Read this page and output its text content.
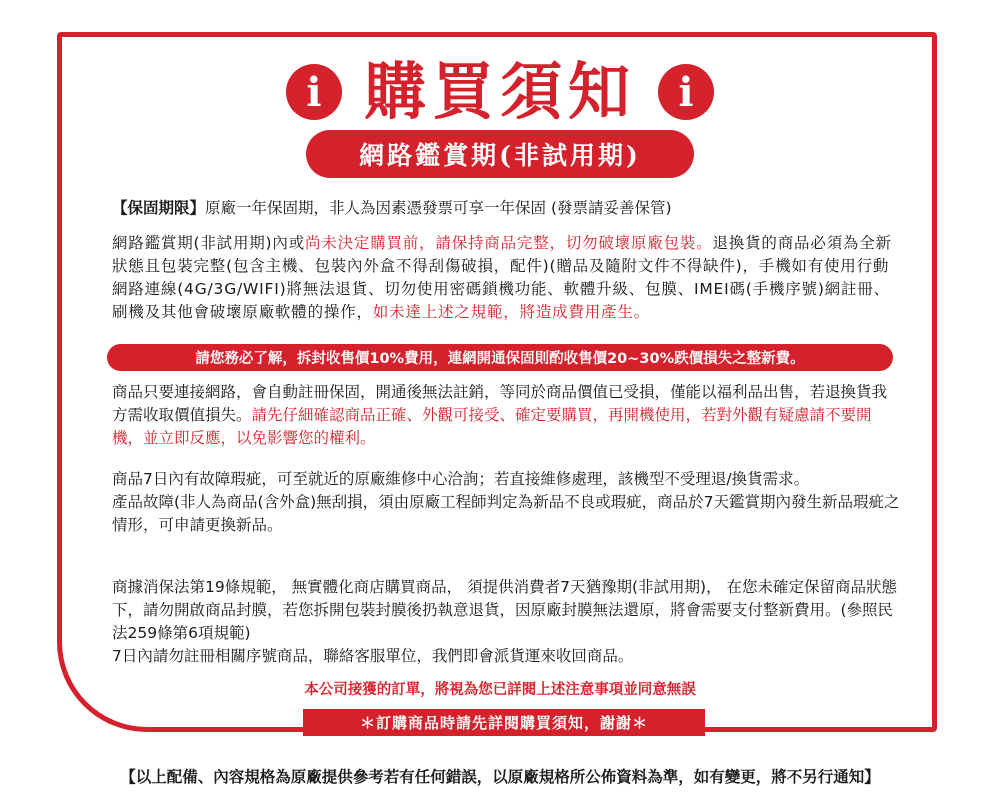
i 購買須知 i
網路鑑賞期(非試用期)
【保固期限】原廠一年保固期，非人為因素憑發票可享一年保固 (發票請妥善保管)
網路鑑賞期(非試用期)內或尚未決定購買前，請保持商品完整，切勿破壞原廠包裝。退換貨的商品必須為全新狀態且包裝完整(包含主機、包裝內外盒不得刮傷破損，配件)(贈品及隨附文件不得缺件)，手機如有使用行動網路連線(4G/3G/WIFI)將無法退貨、切勿使用密碼鎖機功能、軟體升級、包膜、IMEI碼(手機序號)網註冊、刷機及其他會破壞原廠軟體的操作，如未達上述之規範，將造成費用產生。
請您務必了解，拆封收售價10%費用，連網開通保固則酌收售價20~30%跌價損失之整新費。
商品只要連接網路，會自動註冊保固，開通後無法註銷，等同於商品價值已受損，僅能以福利品出售，若退換貨我方需收取價值損失。請先仔細確認商品正確、外觀可接受、確定要購買，再開機使用，若對外觀有疑慮請不要開機，並立即反應，以免影響您的權利。
商品7日內有故障瑕疵，可至就近的原廠維修中心洽詢；若直接維修處理，該機型不受理退/換貨需求。
產品故障(非人為商品(含外盒)無刮損，須由原廠工程師判定為新品不良或瑕疵，商品於7天鑑賞期內發生新品瑕疵之情形，可申請更換新品。
商據消保法第19條規範， 無實體化商店購買商品， 須提供消費者7天猶豫期(非試用期)， 在您未確定保留商品狀態下，請勿開啟商品封膜，若您拆開包裝封膜後扔執意退貨，因原廠封膜無法還原，將會需要支付整新費用。(參照民法259條第6項規範)
7日內請勿註冊相關序號商品，聯絡客服單位，我們即會派貨運來收回商品。
本公司接獲的訂單，將視為您已詳閱上述注意事項並同意無誤
＊訂購商品時請先詳閱購買須知，謝謝＊
【以上配備、內容規格為原廠提供參考若有任何錯誤，以原廠規格所公佈資料為準，如有變更，將不另行通知】
